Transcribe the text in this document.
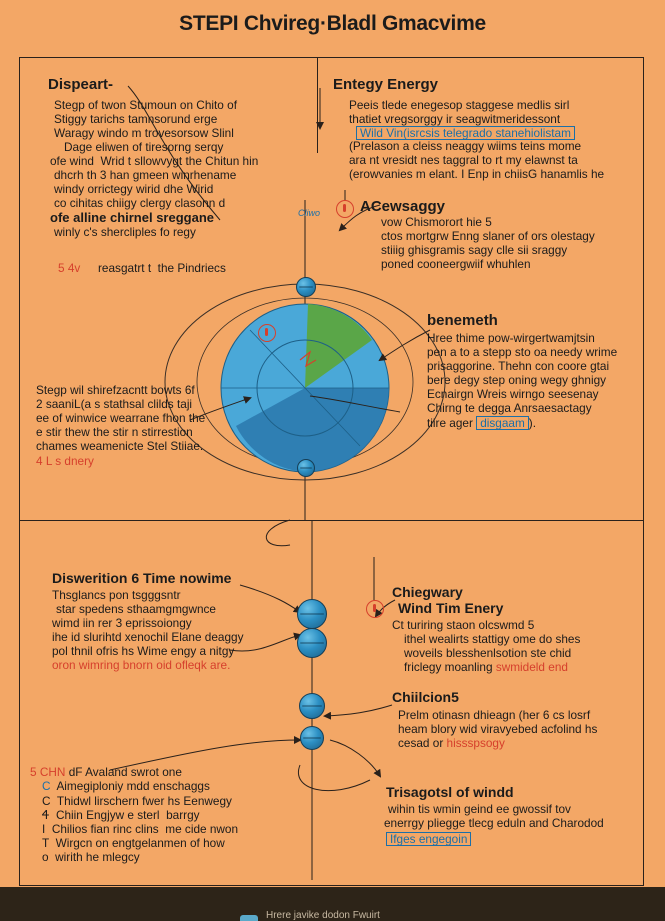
STEPI Chvireg·Bladl Gmacvime
Dispeart-
Stegp of twon Stumoun on Chito of
Stiggy tarichs tamnsorund erge
Waragy windo m trovesorsow Slinl
Dage eliwen of tiresorng serqy
ofe wind  Wrid t sllowvygt the Chitun hin
dhcrh th 3 han gmeen winrhename
windy orrictegy wirid dhe Wirid
co cihitas chiigy clergy clasonn d
ofe alline chirnel sreggane
winly c's shercliples fo regy
5 4v reasgatrt t  the Pindriecs
Entegy Energy
Peeis tlede enegesop staggese medlis sirl
thatiet vregsorggy ir seagwitmeridessont
Wild Vin(isrcsis telegrado stanehiolistam
(Prelason a cleiss neaggy wiims teins mome
ara nt vresidt nes taggral to rt my elawnst ta
(erowvanies m elant. I Enp in chiisG hanamlis he
Cliwo	ACewsaggy
vow Chismorort hie 5
ctos mortgrw Enng slaner of ors olestagy
stiiig ghisgramis sagy clle sii sraggy
poned cooneergwiif whuhlen
benemeth
Hree thime pow-wirgertwamjtsin
pen a to a stepp sto oa needy wrime
prisaggorine. Thehn con coore gtai
bere degy step oning wegy ghnigy
Ecnairgn Wreis wirngo seesenay
Chirng te degga Anrsaesactagy
tiire ager disgaam ).
Stegp wil shirefzacntt bowts 6f
2 saaniL(a s stathsal clilds taji
ee of winwice wearrane fhon the
e stir thew the stir n stirrestion
chames weamenicte Stel Stiiae.
4 L s dnery
Diswerition 6 Time nowime
Thsglancs pon tsgggsntr
star spedens sthaamgmgwnce
wimd iin rer 3 eprissoiongy
ihe id slurihtd xenochil Elane deaggy
pol thnil ofris hs Wime engy a nitgy
oron wimring bnorn oid ofleqk are.
Chiegwary
Wind Tim Enery
Ct turiring staon olcswmd 5
ithel wealirts stattigy ome do shes
woveils blesshenlsotion ste chid
friclegy moanling swmideld end
Chiilcion5
Prelm otinasn dhieagn (her 6 cs losrf
heam blory wid viravyebed acfolind hs
cesad or hissspsogy
5 CHN dF Avaland swrot one
C Aimegiploniy mdd enschaggs
C Thidwl lirschern fwer hs Eenwegy
Ꮞ Chiin Engjyw e sterl  barrgy
I Chilios fian rinc clins  me cide nwon
T Wirgcn on engtgelanmen of how
o wirith he mlegcy
Trisagotsl of windd
wihin tis wmin geind ee gwossif tov
enerrgy pliegge tlecg eduln and Charodod
Ifges engegoin
Hrere javike dodon Fwuirt
